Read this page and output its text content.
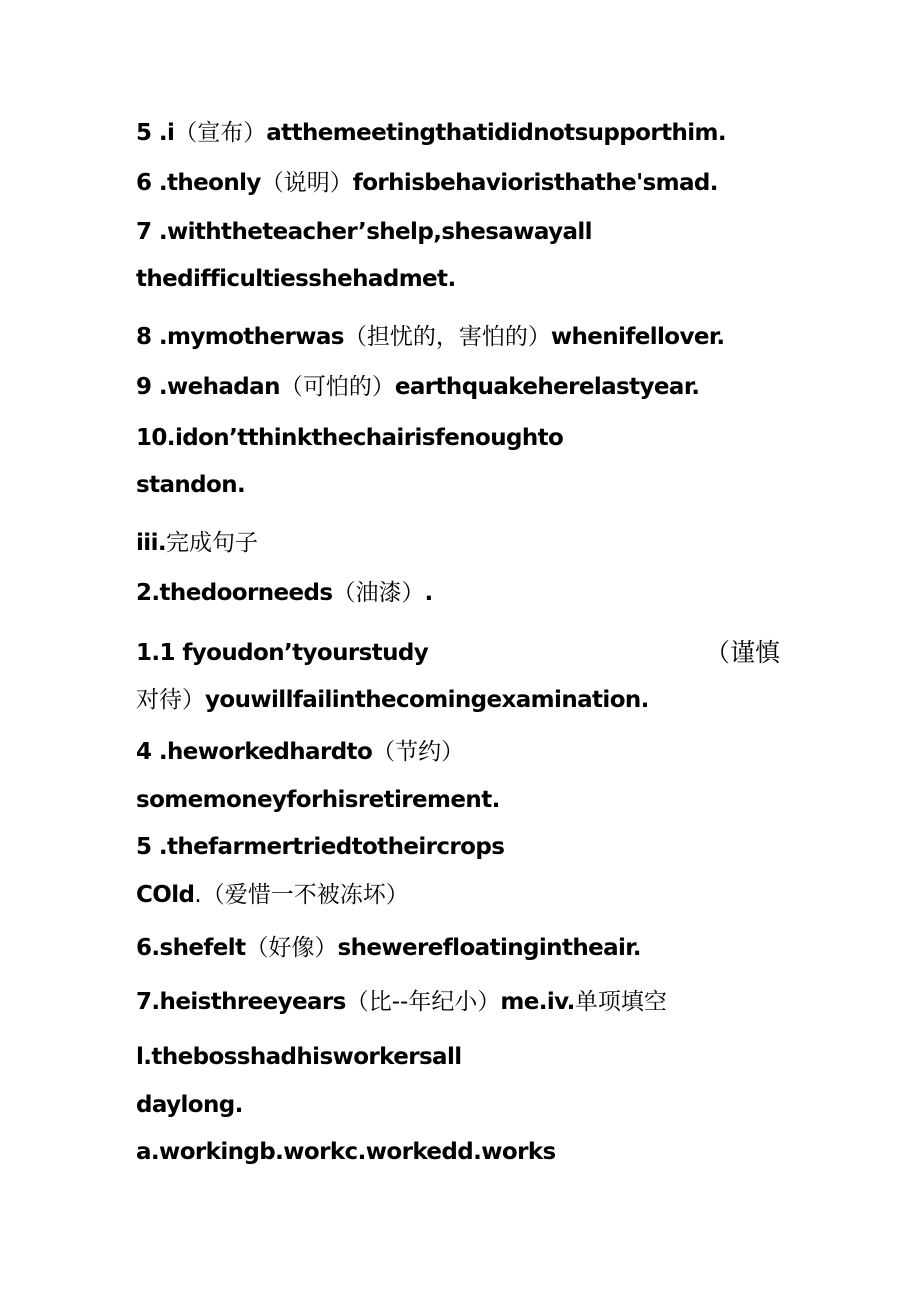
5 .i（宣布）atthemeetingthatididnotsupporthim.
6 .theonly（说明）forhisbehavioristhathe'smad.
7 .withtheteacher’shelp,shesawayall
thedifficultiesshehadmet.
8 .mymotherwas（担忧的，害怕的）whenifellover.
9 .wehadan（可怕的）earthquakeherelastyear.
10.idon’tthinkthechairisfenoughto
standon.
iii.完成句子
2.thedoorneeds（油漆）.
1.1 fyoudon’tyourstudy	（谨慎
对待）youwillfailinthecomingexamination.
4 .heworkedhardto（节约）
somemoneyforhisretirement.
5 .thefarmertriedtotheircrops
COld.（爱惜一不被冻坏）
6.shefelt（好像）shewerefloatingintheair.
7.heisthreeyears（比--年纪小）me.iv.单项填空
l.thebosshadhisworkersall
daylong.
a.workingb.workc.workedd.works
